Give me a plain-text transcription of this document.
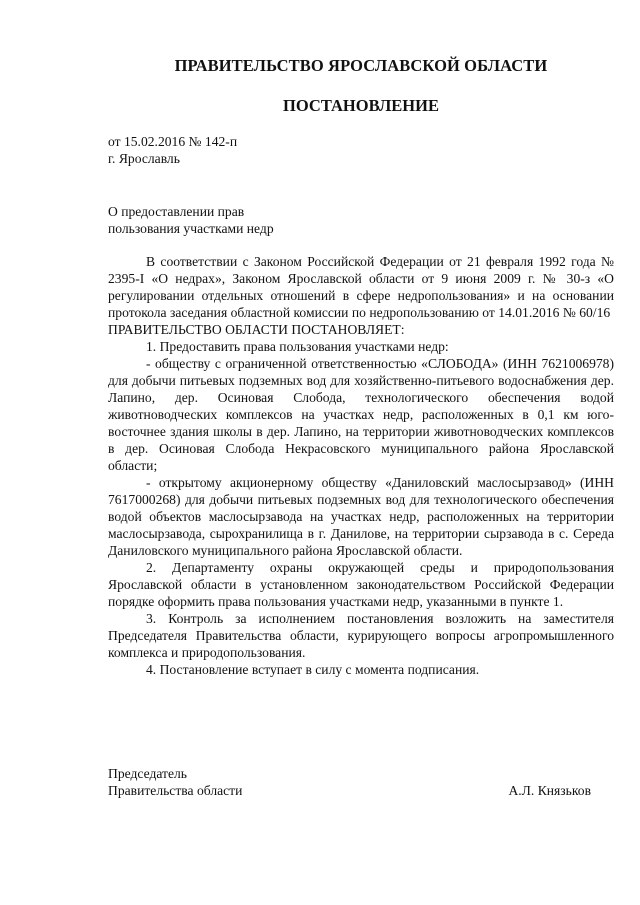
ПРАВИТЕЛЬСТВО ЯРОСЛАВСКОЙ ОБЛАСТИ
ПОСТАНОВЛЕНИЕ
от 15.02.2016 № 142-п
г. Ярославль
О предоставлении прав
пользования участками недр

В соответствии с Законом Российской Федерации от 21 февраля 1992 года № 2395-I «О недрах», Законом Ярославской области от 9 июня 2009 г. № 30-з «О регулировании отдельных отношений в сфере недропользования» и на основании протокола заседания областной комиссии по недропользованию от 14.01.2016 № 60/16

ПРАВИТЕЛЬСТВО ОБЛАСТИ ПОСТАНОВЛЯЕТ:

1. Предоставить права пользования участками недр:

- обществу с ограниченной ответственностью «СЛОБОДА» (ИНН 7621006978) для добычи питьевых подземных вод для хозяйственно-питьевого водоснабжения дер. Лапино, дер. Осиновая Слобода, технологического обеспечения водой животноводческих комплексов на участках недр, расположенных в 0,1 км юго-восточнее здания школы в дер. Лапино, на территории животноводческих комплексов в дер. Осиновая Слобода Некрасовского муниципального района Ярославской области;

- открытому акционерному обществу «Даниловский маслосырзавод» (ИНН 7617000268) для добычи питьевых подземных вод для технологического обеспечения водой объектов маслосырзавода на участках недр, расположенных на территории маслосырзавода, сырохранилища в г. Данилове, на территории сырзавода в с. Середа Даниловского муниципального района Ярославской области.

2. Департаменту охраны окружающей среды и природопользования Ярославской области в установленном законодательством Российской Федерации порядке оформить права пользования участками недр, указанными в пункте 1.

3. Контроль за исполнением постановления возложить на заместителя Председателя Правительства области, курирующего вопросы агропромышленного комплекса и природопользования.

4. Постановление вступает в силу с момента подписания.

Председатель
Правительства области	А.Л. Князьков
